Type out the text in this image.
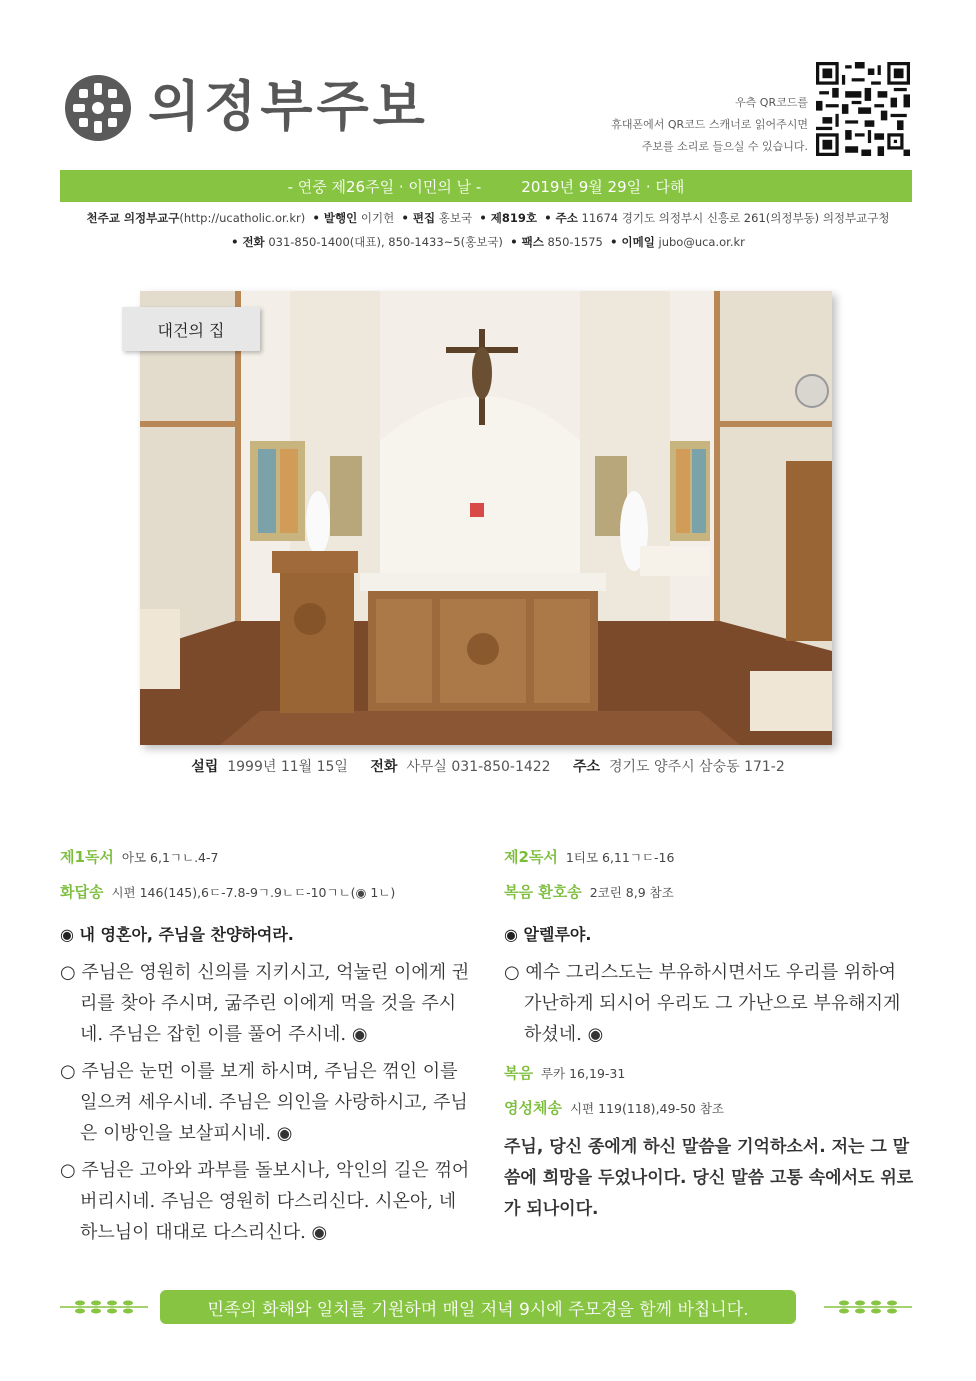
의정부주보	우측 QR코드를
휴대폰에서 QR코드 스캐너로 읽어주시면
주보를 소리로 들으실 수 있습니다.
- 연중 제26주일 · 이민의 날 -	2019년 9월 29일 · 다해
천주교 의정부교구(http://ucatholic.or.kr) • 발행인 이기헌 • 편집 홍보국 • 제819호 • 주소 11674 경기도 의정부시 신흥로 261(의정부동) 의정부교구청
• 전화 031-850-1400(대표), 850-1433~5(홍보국) • 팩스 850-1575 • 이메일 jubo@uca.or.kr
대건의 집
설립 1999년 11월 15일 전화 사무실 031-850-1422 주소 경기도 양주시 삼숭동 171-2
제1독서 아모 6,1ㄱㄴ.4-7
화답송 시편 146(145),6ㄷ-7.8-9ㄱ.9ㄴㄷ-10ㄱㄴ(◉ 1ㄴ)
◉ 내 영혼아, 주님을 찬양하여라.
○ 주님은 영원히 신의를 지키시고, 억눌린 이에게 권리를 찾아 주시며, 굶주린 이에게 먹을 것을 주시네. 주님은 잡힌 이를 풀어 주시네. ◉
○ 주님은 눈먼 이를 보게 하시며, 주님은 꺾인 이를 일으켜 세우시네. 주님은 의인을 사랑하시고, 주님은 이방인을 보살피시네. ◉
○ 주님은 고아와 과부를 돌보시나, 악인의 길은 꺾어 버리시네. 주님은 영원히 다스리신다. 시온아, 네 하느님이 대대로 다스리신다. ◉
제2독서 1티모 6,11ㄱㄷ-16
복음 환호송 2코린 8,9 참조
◉ 알렐루야.
○ 예수 그리스도는 부유하시면서도 우리를 위하여 가난하게 되시어 우리도 그 가난으로 부유해지게 하셨네. ◉
복음 루카 16,19-31
영성체송 시편 119(118),49-50 참조
주님, 당신 종에게 하신 말씀을 기억하소서. 저는 그 말씀에 희망을 두었나이다. 당신 말씀 고통 속에서도 위로가 되나이다.
민족의 화해와 일치를 기원하며 매일 저녁 9시에 주모경을 함께 바칩니다.
